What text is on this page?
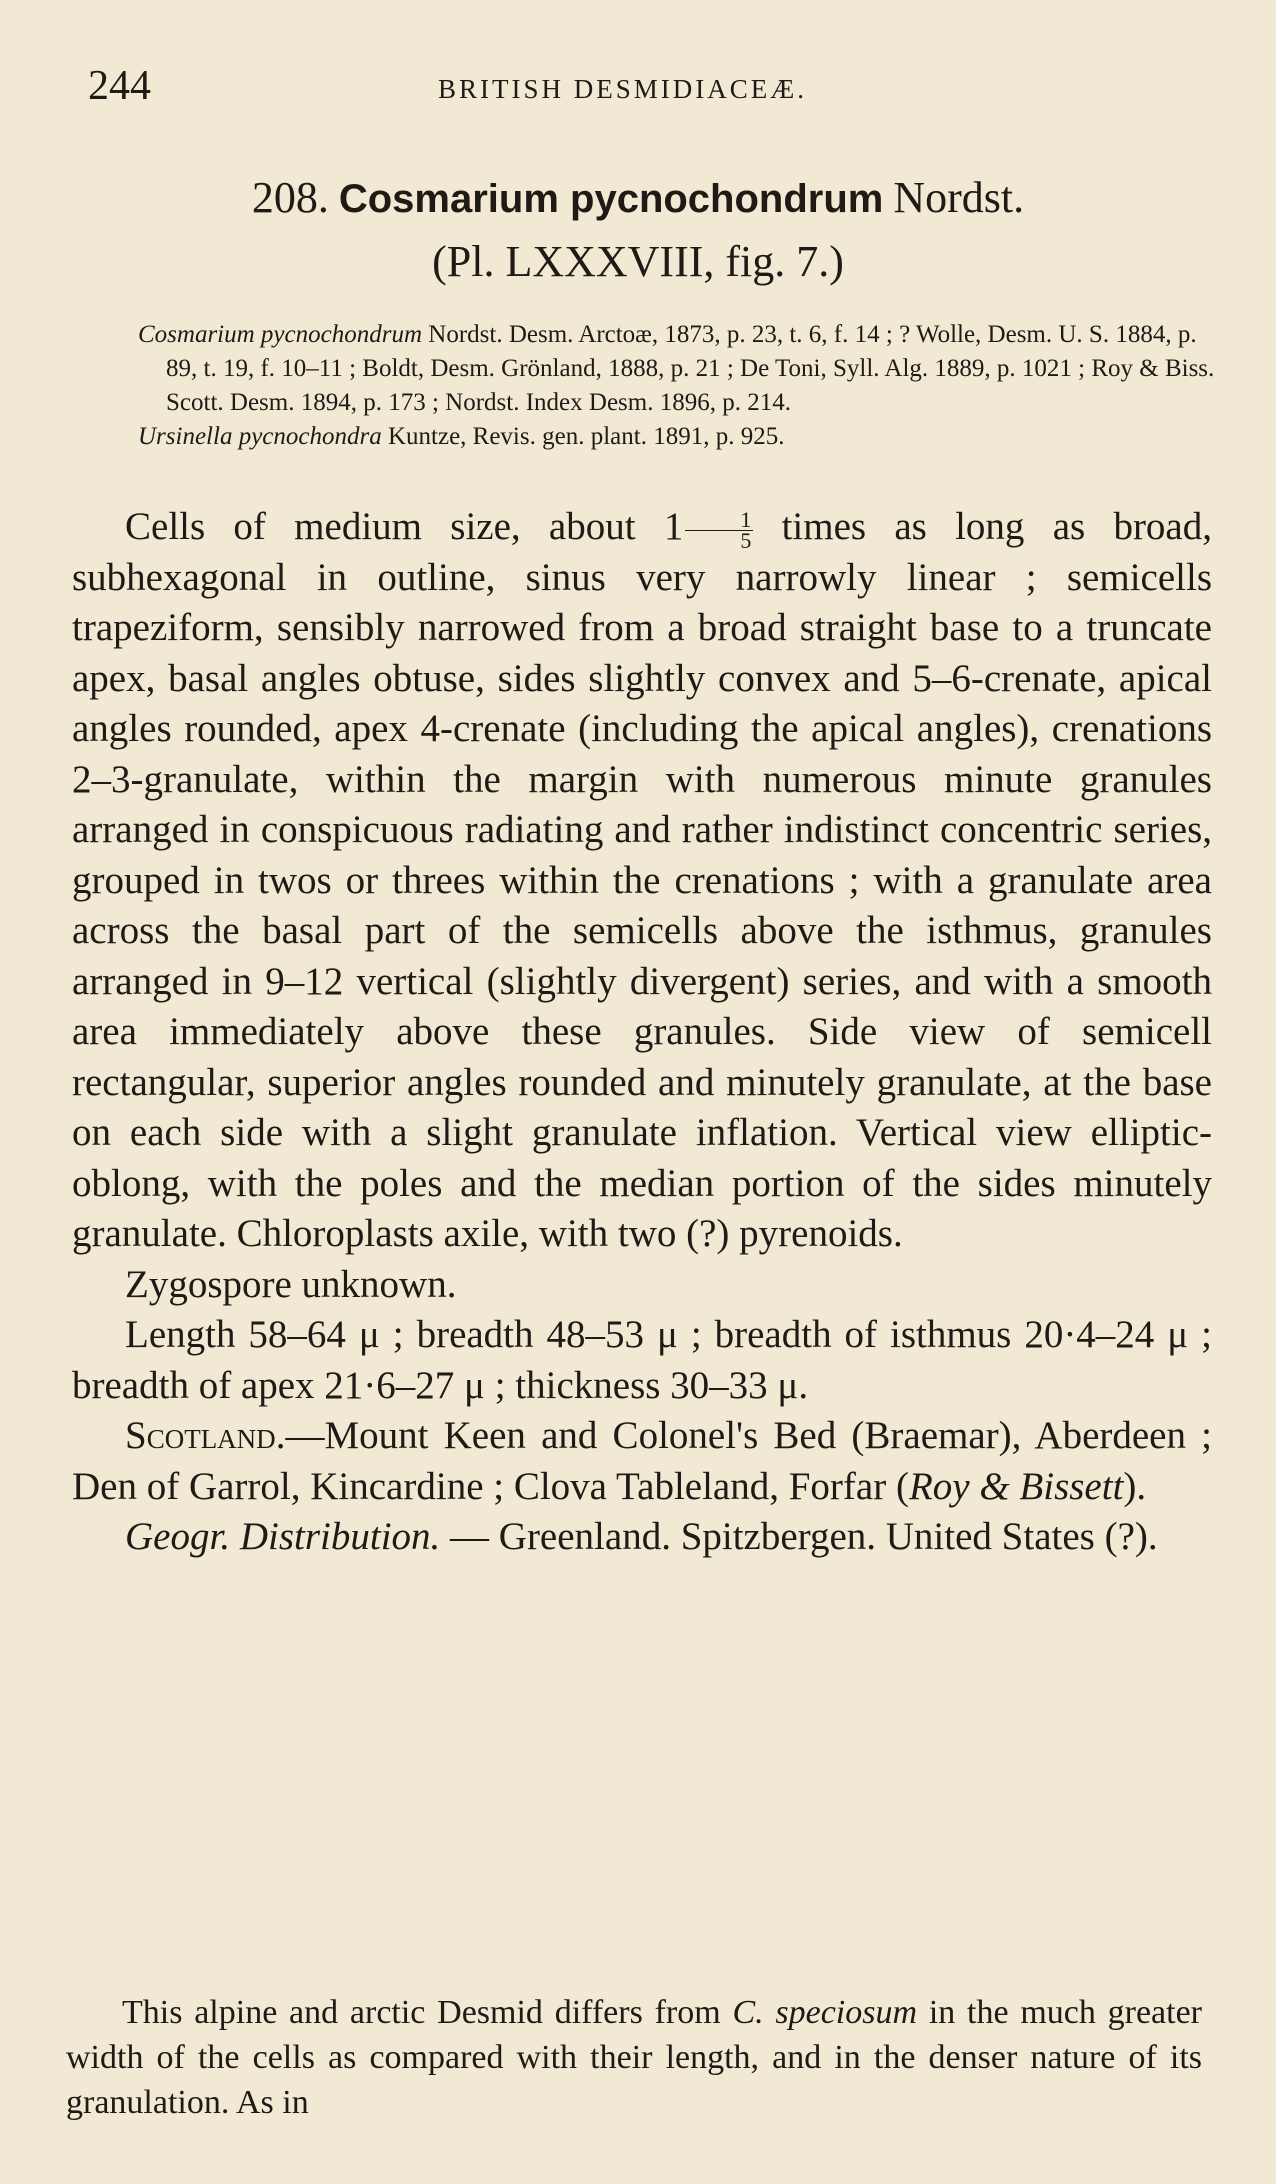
244	BRITISH DESMIDIACEÆ.
208. Cosmarium pycnochondrum Nordst.
(Pl. LXXXVIII, fig. 7.)
Cosmarium pycnochondrum Nordst. Desm. Arctoæ, 1873, p. 23, t. 6, f. 14 ; ? Wolle, Desm. U. S. 1884, p. 89, t. 19, f. 10–11 ; Boldt, Desm. Grönland, 1888, p. 21 ; De Toni, Syll. Alg. 1889, p. 1021 ; Roy & Biss. Scott. Desm. 1894, p. 173 ; Nordst. Index Desm. 1896, p. 214.
Ursinella pycnochondra Kuntze, Revis. gen. plant. 1891, p. 925.

Cells of medium size, about $1 \frac{1}{5}$ times as long as broad, subhexagonal in outline, sinus very narrowly linear ; semicells trapeziform, sensibly narrowed from a broad straight base to a truncate apex, basal angles obtuse, sides slightly convex and 5–6-crenate, apical angles rounded, apex 4-crenate (including the apical angles), crenations 2–3-granulate, within the margin with numerous minute granules arranged in conspicuous radiating and rather indistinct concentric series, grouped in twos or threes within the crenations ; with a granulate area across the basal part of the semicells above the isthmus, granules arranged in 9–12 vertical (slightly divergent) series, and with a smooth area immediately above these granules. Side view of semicell rectangular, superior angles rounded and minutely granulate, at the base on each side with a slight granulate inflation. Vertical view elliptic-oblong, with the poles and the median portion of the sides minutely granulate. Chloroplasts axile, with two (?) pyrenoids.

Zygospore unknown.

Length 58–64 μ ; breadth 48–53 μ ; breadth of isthmus 20·4–24 μ ; breadth of apex 21·6–27 μ ; thickness 30–33 μ.

Scotland.—Mount Keen and Colonel's Bed (Braemar), Aberdeen ; Den of Garrol, Kincardine ; Clova Tableland, Forfar (Roy & Bissett).

Geogr. Distribution. — Greenland. Spitzbergen. United States (?).

This alpine and arctic Desmid differs from C. speciosum in the much greater width of the cells as compared with their length, and in the denser nature of its granulation. As in
